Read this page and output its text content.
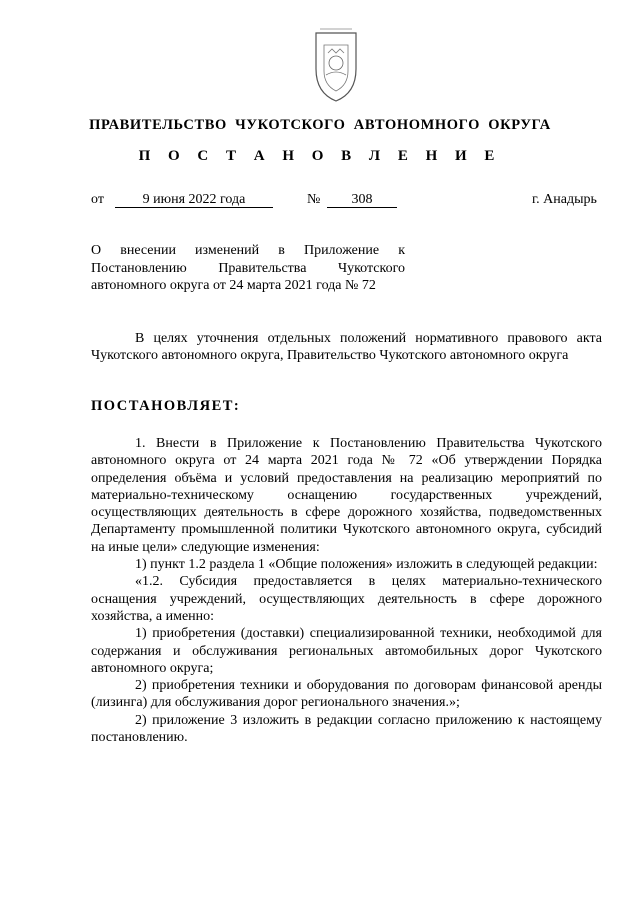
ПРАВИТЕЛЬСТВО ЧУКОТСКОГО АВТОНОМНОГО ОКРУГА
П О С Т А Н О В Л Е Н И Е
от	9 июня 2022 года	№	308	г. Анадырь
О внесении изменений в Приложение к Постановлению Правительства Чукотского автономного округа от 24 марта 2021 года № 72

В целях уточнения отдельных положений нормативного правового акта Чукотского автономного округа, Правительство Чукотского автономного округа

ПОСТАНОВЛЯЕТ:

1. Внести в Приложение к Постановлению Правительства Чукотского автономного округа от 24 марта 2021 года № 72 «Об утверждении Порядка определения объёма и условий предоставления на реализацию мероприятий по материально-техническому оснащению государственных учреждений, осуществляющих деятельность в сфере дорожного хозяйства, подведомственных Департаменту промышленной политики Чукотского автономного округа, субсидий на иные цели» следующие изменения:

1) пункт 1.2 раздела 1 «Общие положения» изложить в следующей редакции:

«1.2. Субсидия предоставляется в целях материально-технического оснащения учреждений, осуществляющих деятельность в сфере дорожного хозяйства, а именно:

1) приобретения (доставки) специализированной техники, необходимой для содержания и обслуживания региональных автомобильных дорог Чукотского автономного округа;

2) приобретения техники и оборудования по договорам финансовой аренды (лизинга) для обслуживания дорог регионального значения.»;

2) приложение 3 изложить в редакции согласно приложению к настоящему постановлению.
